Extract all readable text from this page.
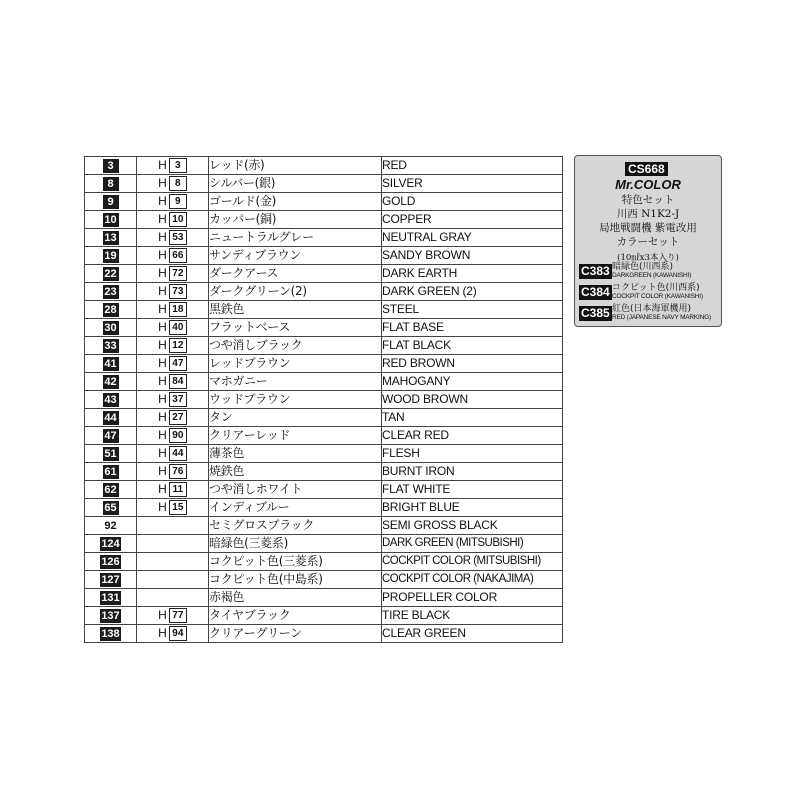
3	H 3	レッド(赤)	RED
8	H 8	シルバー(銀)	SILVER
9	H 9	ゴールド(金)	GOLD
10	H 10	カッパー(銅)	COPPER
13	H 53	ニュートラルグレー	NEUTRAL GRAY
19	H 66	サンディブラウン	SANDY BROWN
22	H 72	ダークアース	DARK EARTH
23	H 73	ダークグリーン(2)	DARK GREEN (2)
28	H 18	黒鉄色	STEEL
30	H 40	フラットベース	FLAT BASE
33	H 12	つや消しブラック	FLAT BLACK
41	H 47	レッドブラウン	RED BROWN
42	H 84	マホガニー	MAHOGANY
43	H 37	ウッドブラウン	WOOD BROWN
44	H 27	タン	TAN
47	H 90	クリアーレッド	CLEAR RED
51	H 44	薄茶色	FLESH
61	H 76	焼鉄色	BURNT IRON
62	H 11	つや消しホワイト	FLAT WHITE
65	H 15	インディブルー	BRIGHT BLUE
92		セミグロスブラック	SEMI GROSS BLACK
124		暗緑色(三菱系)	DARK GREEN (MITSUBISHI)
126		コクピット色(三菱系)	COCKPIT COLOR (MITSUBISHI)
127		コクピット色(中島系)	COCKPIT COLOR (NAKAJIMA)
131		赤褐色	PROPELLER COLOR
137	H 77	タイヤブラック	TIRE BLACK
138	H 94	クリアーグリーン	CLEAR GREEN
CS668
Mr.COLOR
特色セット
川西 N1K2-J
局地戦闘機 紫電改用
カラーセット
(10㎖x3本入り)
C383 暗緑色(川西系)
DARKGREEN (KAWANISHI)
C384 コクピット色(川西系)
COCKPIT COLOR (KAWANISHI)
C385 紅色(日本海軍機用)
RED (JAPANESE NAVY MARKING)
